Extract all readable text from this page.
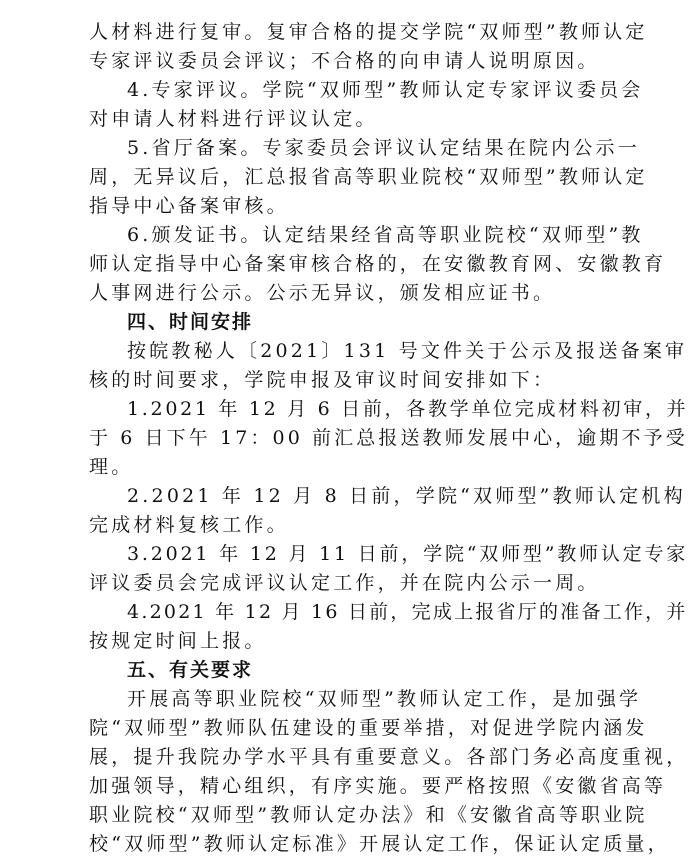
人材料进行复审。复审合格的提交学院“双师型”教师认定
专家评议委员会评议；不合格的向申请人说明原因。
4.专家评议。学院“双师型”教师认定专家评议委员会
对申请人材料进行评议认定。
5.省厅备案。专家委员会评议认定结果在院内公示一
周，无异议后，汇总报省高等职业院校“双师型”教师认定
指导中心备案审核。
6.颁发证书。认定结果经省高等职业院校“双师型”教
师认定指导中心备案审核合格的，在安徽教育网、安徽教育
人事网进行公示。公示无异议，颁发相应证书。
四、时间安排
按皖教秘人〔2021〕131 号文件关于公示及报送备案审
核的时间要求，学院申报及审议时间安排如下：
1.2021 年 12 月 6 日前，各教学单位完成材料初审，并
于 6 日下午 17：00 前汇总报送教师发展中心，逾期不予受
理。
2.2021 年 12 月 8 日前，学院“双师型”教师认定机构
完成材料复核工作。
3.2021 年 12 月 11 日前，学院“双师型”教师认定专家
评议委员会完成评议认定工作，并在院内公示一周。
4.2021 年 12 月 16 日前，完成上报省厅的准备工作，并
按规定时间上报。
五、有关要求
开展高等职业院校“双师型”教师认定工作，是加强学
院“双师型”教师队伍建设的重要举措，对促进学院内涵发
展，提升我院办学水平具有重要意义。各部门务必高度重视，
加强领导，精心组织，有序实施。要严格按照《安徽省高等
职业院校“双师型”教师认定办法》和《安徽省高等职业院
校“双师型”教师认定标准》开展认定工作，保证认定质量，
